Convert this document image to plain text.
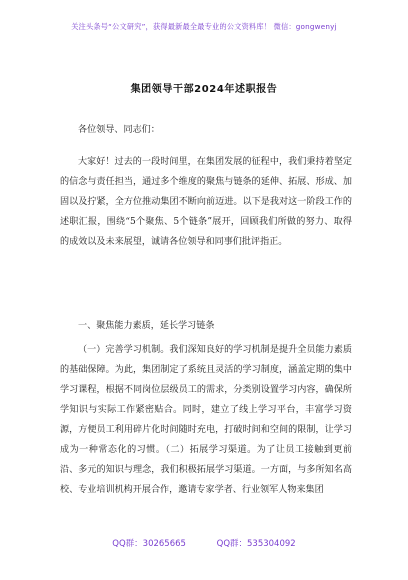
关注头条号“公文研究”，获得最新最全最专业的公文资料库！ 微信：gongwenyj
集团领导干部2024年述职报告

各位领导、同志们：

大家好！过去的一段时间里，在集团发展的征程中，我们秉持着坚定的信念与责任担当，通过多个维度的聚焦与链条的延伸、拓展、形成、加固以及拧紧，全方位推动集团不断向前迈进。以下是我对这一阶段工作的述职汇报，围绕“5个聚焦、5个链条”展开，回顾我们所做的努力、取得的成效以及未来展望，诚请各位领导和同事们批评指正。

一、聚焦能力素质，延长学习链条

（一）完善学习机制。我们深知良好的学习机制是提升全员能力素质的基础保障。为此，集团制定了系统且灵活的学习制度，涵盖定期的集中学习课程，根据不同岗位层级员工的需求，分类别设置学习内容，确保所学知识与实际工作紧密贴合。同时，建立了线上学习平台，丰富学习资源，方便员工利用碎片化时间随时充电，打破时间和空间的限制，让学习成为一种常态化的习惯。（二）拓展学习渠道。为了让员工接触到更前沿、多元的知识与理念，我们积极拓展学习渠道。一方面，与多所知名高校、专业培训机构开展合作，邀请专家学者、行业领军人物来集团

QQ群：30265665	QQ群：535304092
